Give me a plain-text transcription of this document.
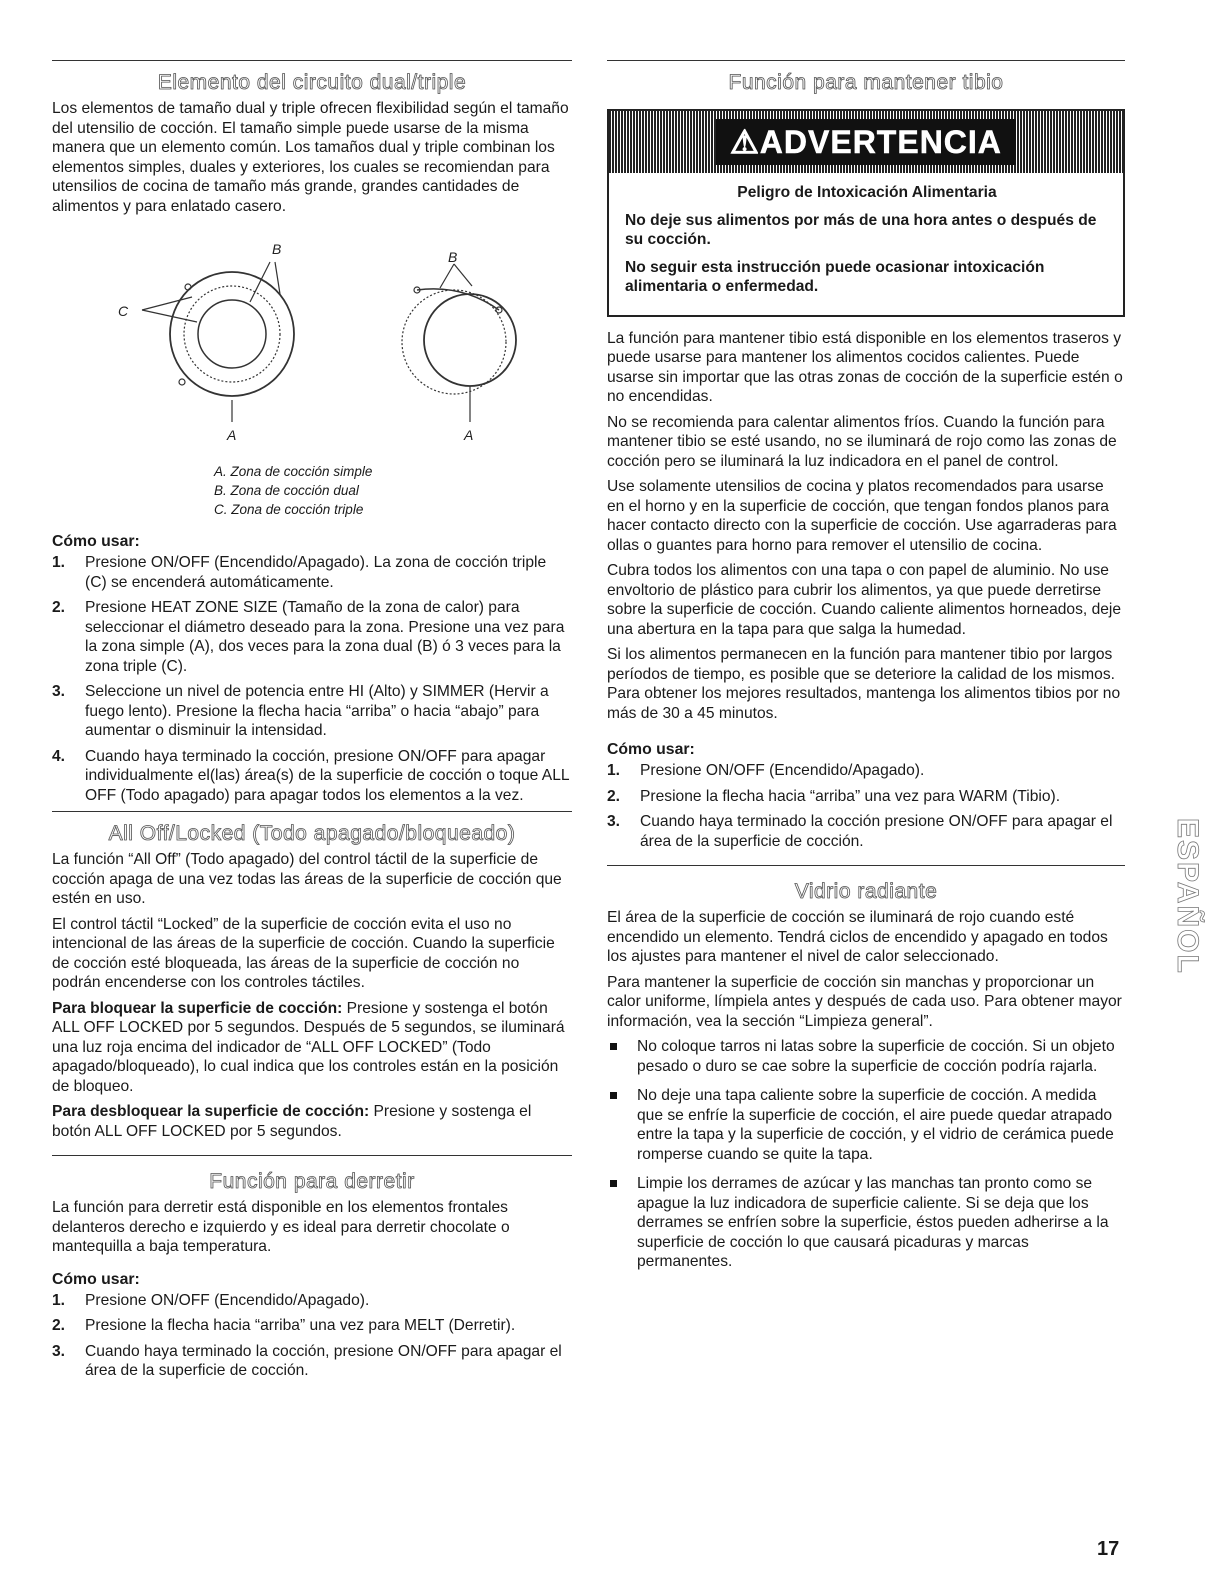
Elemento del circuito dual/triple

Los elementos de tamaño dual y triple ofrecen flexibilidad según el tamaño del utensilio de cocción. El tamaño simple puede usarse de la misma manera que un elemento común. Los tamaños dual y triple combinan los elementos simples, duales y exteriores, los cuales se recomiendan para utensilios de cocina de tamaño más grande, grandes cantidades de alimentos y para enlatado casero.

B	B
C
A	A
A. Zona de cocción simple
B. Zona de cocción dual
C. Zona de cocción triple
Cómo usar:
1. Presione ON/OFF (Encendido/Apagado). La zona de cocción triple (C) se encenderá automáticamente.
2. Presione HEAT ZONE SIZE (Tamaño de la zona de calor) para seleccionar el diámetro deseado para la zona. Presione una vez para la zona simple (A), dos veces para la zona dual (B) ó 3 veces para la zona triple (C).
3. Seleccione un nivel de potencia entre HI (Alto) y SIMMER (Hervir a fuego lento). Presione la flecha hacia “arriba” o hacia “abajo” para aumentar o disminuir la intensidad.
4. Cuando haya terminado la cocción, presione ON/OFF para apagar individualmente el(las) área(s) de la superficie de cocción o toque ALL OFF (Todo apagado) para apagar todos los elementos a la vez.
All Off/Locked (Todo apagado/bloqueado)

La función “All Off” (Todo apagado) del control táctil de la superficie de cocción apaga de una vez todas las áreas de la superficie de cocción que estén en uso.

El control táctil “Locked” de la superficie de cocción evita el uso no intencional de las áreas de la superficie de cocción. Cuando la superficie de cocción esté bloqueada, las áreas de la superficie de cocción no podrán encenderse con los controles táctiles.

Para bloquear la superficie de cocción: Presione y sostenga el botón ALL OFF LOCKED por 5 segundos. Después de 5 segundos, se iluminará una luz roja encima del indicador de “ALL OFF LOCKED” (Todo apagado/bloqueado), lo cual indica que los controles están en la posición de bloqueo.

Para desbloquear la superficie de cocción: Presione y sostenga el botón ALL OFF LOCKED por 5 segundos.

Función para derretir

La función para derretir está disponible en los elementos frontales delanteros derecho e izquierdo y es ideal para derretir chocolate o mantequilla a baja temperatura.

Cómo usar:
1. Presione ON/OFF (Encendido/Apagado).
2. Presione la flecha hacia “arriba” una vez para MELT (Derretir).
3. Cuando haya terminado la cocción, presione ON/OFF para apagar el área de la superficie de cocción.
Función para mantener tibio
⚠ADVERTENCIA
Peligro de Intoxicación Alimentaria
No deje sus alimentos por más de una hora antes o después de su cocción.
No seguir esta instrucción puede ocasionar intoxicación alimentaria o enfermedad.

La función para mantener tibio está disponible en los elementos traseros y puede usarse para mantener los alimentos cocidos calientes. Puede usarse sin importar que las otras zonas de cocción de la superficie estén o no encendidas.

No se recomienda para calentar alimentos fríos. Cuando la función para mantener tibio se esté usando, no se iluminará de rojo como las zonas de cocción pero se iluminará la luz indicadora en el panel de control.

Use solamente utensilios de cocina y platos recomendados para usarse en el horno y en la superficie de cocción, que tengan fondos planos para hacer contacto directo con la superficie de cocción. Use agarraderas para ollas o guantes para horno para remover el utensilio de cocina.

Cubra todos los alimentos con una tapa o con papel de aluminio. No use envoltorio de plástico para cubrir los alimentos, ya que puede derretirse sobre la superficie de cocción. Cuando caliente alimentos horneados, deje una abertura en la tapa para que salga la humedad.

Si los alimentos permanecen en la función para mantener tibio por largos períodos de tiempo, es posible que se deteriore la calidad de los mismos. Para obtener los mejores resultados, mantenga los alimentos tibios por no más de 30 a 45 minutos.

Cómo usar:
1. Presione ON/OFF (Encendido/Apagado).
2. Presione la flecha hacia “arriba” una vez para WARM (Tibio).
3. Cuando haya terminado la cocción presione ON/OFF para apagar el área de la superficie de cocción.
Vidrio radiante

El área de la superficie de cocción se iluminará de rojo cuando esté encendido un elemento. Tendrá ciclos de encendido y apagado en todos los ajustes para mantener el nivel de calor seleccionado.

Para mantener la superficie de cocción sin manchas y proporcionar un calor uniforme, límpiela antes y después de cada uso. Para obtener mayor información, vea la sección “Limpieza general”.

No coloque tarros ni latas sobre la superficie de cocción. Si un objeto pesado o duro se cae sobre la superficie de cocción podría rajarla.
No deje una tapa caliente sobre la superficie de cocción. A medida que se enfríe la superficie de cocción, el aire puede quedar atrapado entre la tapa y la superficie de cocción, y el vidrio de cerámica puede romperse cuando se quite la tapa.
Limpie los derrames de azúcar y las manchas tan pronto como se apague la luz indicadora de superficie caliente. Si se deja que los derrames se enfríen sobre la superficie, éstos pueden adherirse a la superficie de cocción lo que causará picaduras y marcas permanentes.
ESPAÑOL
17
